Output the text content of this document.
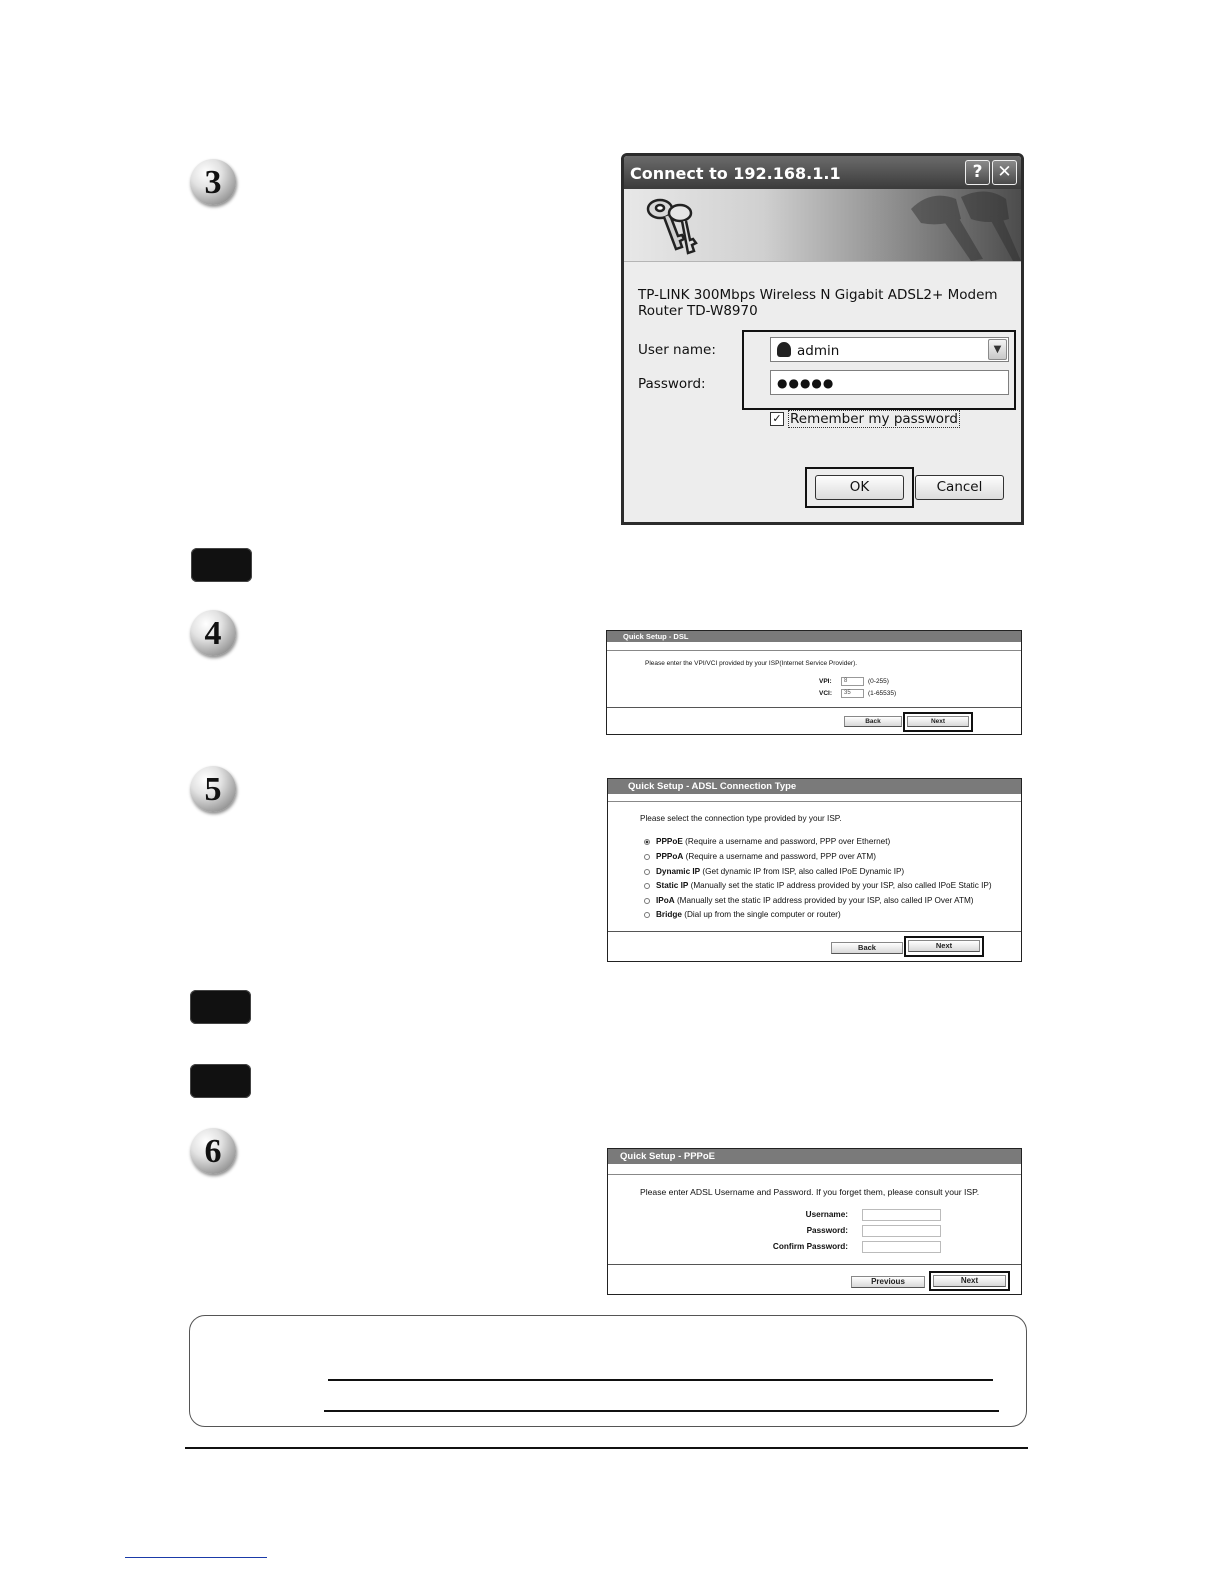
3
4
5
6
Connect to 192.168.1.1	? ✕
TP-LINK 300Mbps Wireless N Gigabit ADSL2+ Modem Router TD-W8970
User name:	admin	▼
Password:	●●●●●
✓ Remember my password
OK	Cancel
Quick Setup - DSL
Please enter the VPI/VCI provided by your ISP(Internet Service Provider).
VPI:	8	(0-255)
VCI:	35	(1-65535)
Back	Next
Quick Setup - ADSL Connection Type
Please select the connection type provided by your ISP.
PPPoE (Require a username and password, PPP over Ethernet)
PPPoA (Require a username and password, PPP over ATM)
Dynamic IP (Get dynamic IP from ISP, also called IPoE Dynamic IP)
Static IP (Manually set the static IP address provided by your ISP, also called IPoE Static IP)
IPoA (Manually set the static IP address provided by your ISP, also called IP Over ATM)
Bridge (Dial up from the single computer or router)
Back	Next
Quick Setup - PPPoE
Please enter ADSL Username and Password. If you forget them, please consult your ISP.
Username:
Password:
Confirm Password:
Previous	Next
